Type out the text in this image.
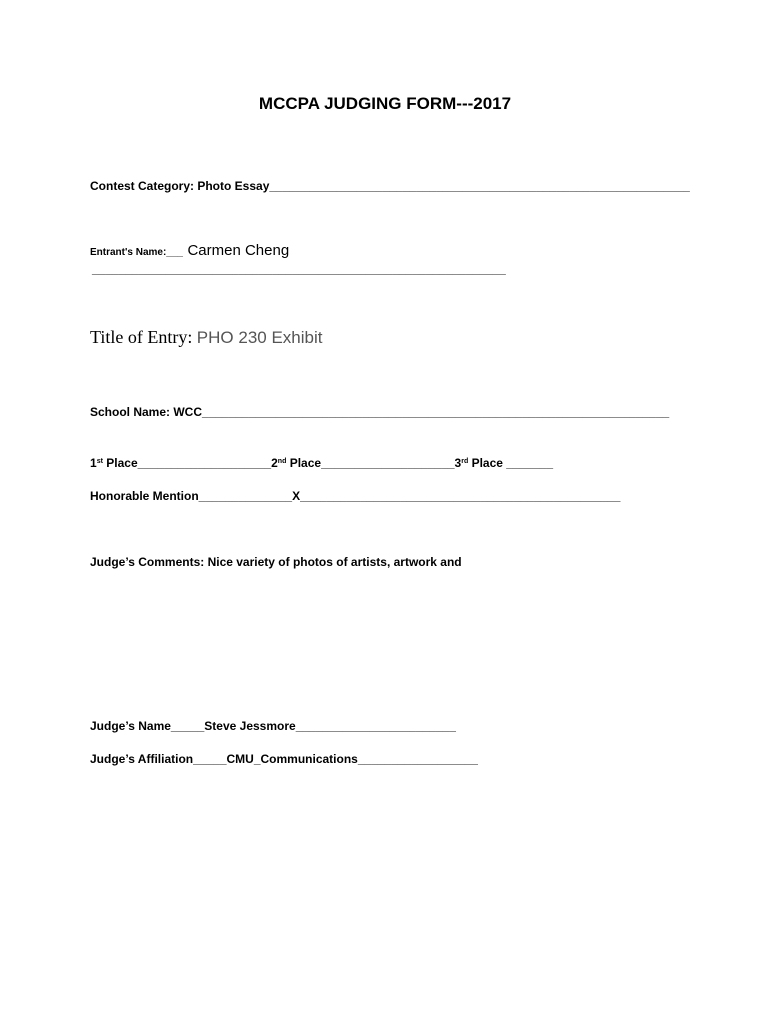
MCCPA JUDGING FORM---2017
Contest Category: Photo Essay_______________________________________________________________
Entrant's Name:___ Carmen Cheng
______________________________________________________________
Title of Entry: PHO 230 Exhibit
School Name: WCC______________________________________________________________________
1st Place____________________2nd Place____________________3rd Place _______
Honorable Mention______________X________________________________________________
Judge’s Comments: Nice variety of photos of artists, artwork and
Judge’s Name_____Steve Jessmore________________________
Judge’s Affiliation_____CMU_Communications__________________
